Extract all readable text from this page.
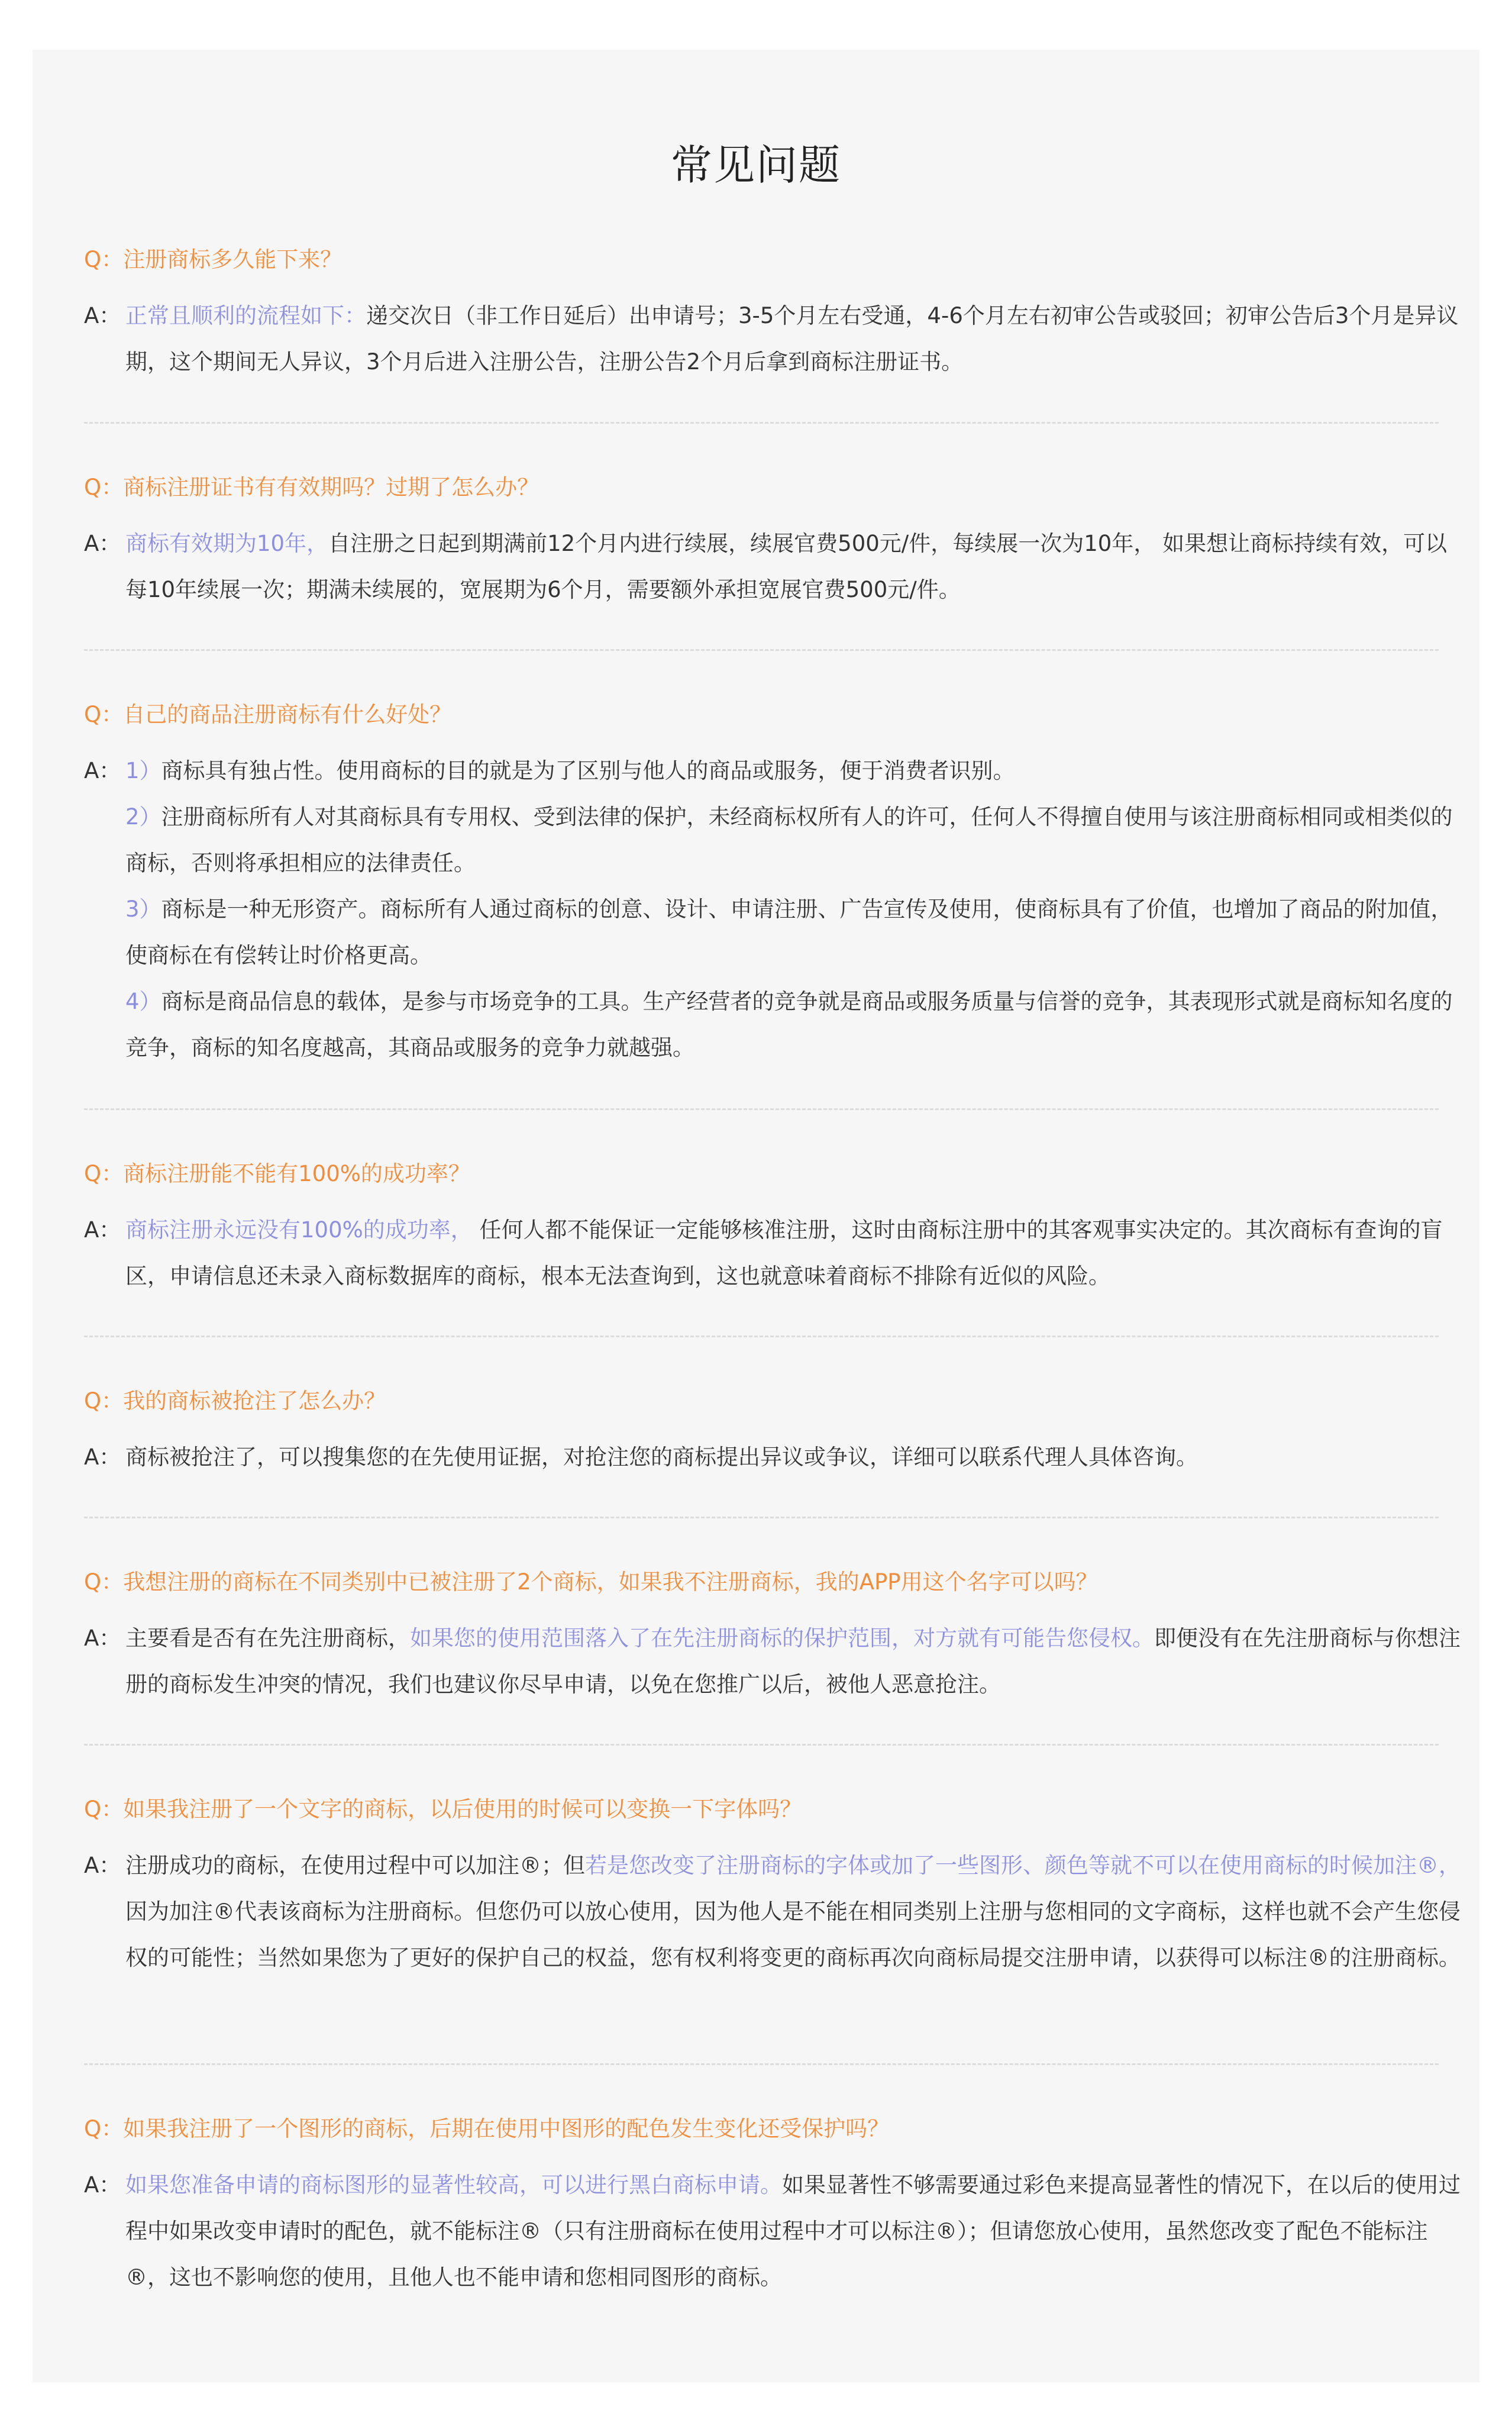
常见问题
Q：注册商标多久能下来？
A： 正常且顺利的流程如下：递交次日（非工作日延后）出申请号；3-5个月左右受通，4-6个月左右初审公告或驳回；初审公告后3个月是异议期，这个期间无人异议，3个月后进入注册公告，注册公告2个月后拿到商标注册证书。
Q：商标注册证书有有效期吗？过期了怎么办？
A： 商标有效期为10年，自注册之日起到期满前12个月内进行续展，续展官费500元/件，每续展一次为10年， 如果想让商标持续有效，可以每10年续展一次；期满未续展的，宽展期为6个月，需要额外承担宽展官费500元/件。
Q：自己的商品注册商标有什么好处？
A： 1）商标具有独占性。使用商标的目的就是为了区别与他人的商品或服务，便于消费者识别。
2）注册商标所有人对其商标具有专用权、受到法律的保护，未经商标权所有人的许可，任何人不得擅自使用与该注册商标相同或相类似的商标，否则将承担相应的法律责任。
3）商标是一种无形资产。商标所有人通过商标的创意、设计、申请注册、广告宣传及使用，使商标具有了价值，也增加了商品的附加值，使商标在有偿转让时价格更高。
4）商标是商品信息的载体，是参与市场竞争的工具。生产经营者的竞争就是商品或服务质量与信誉的竞争，其表现形式就是商标知名度的竞争，商标的知名度越高，其商品或服务的竞争力就越强。
Q：商标注册能不能有100%的成功率？
A： 商标注册永远没有100%的成功率， 任何人都不能保证一定能够核准注册，这时由商标注册中的其客观事实决定的。其次商标有查询的盲区，申请信息还未录入商标数据库的商标，根本无法查询到，这也就意味着商标不排除有近似的风险。
Q：我的商标被抢注了怎么办？
A： 商标被抢注了，可以搜集您的在先使用证据，对抢注您的商标提出异议或争议，详细可以联系代理人具体咨询。
Q：我想注册的商标在不同类别中已被注册了2个商标，如果我不注册商标，我的APP用这个名字可以吗？
A： 主要看是否有在先注册商标，如果您的使用范围落入了在先注册商标的保护范围，对方就有可能告您侵权。即便没有在先注册商标与你想注册的商标发生冲突的情况，我们也建议你尽早申请，以免在您推广以后，被他人恶意抢注。
Q：如果我注册了一个文字的商标，以后使用的时候可以变换一下字体吗？
A： 注册成功的商标，在使用过程中可以加注®；但若是您改变了注册商标的字体或加了一些图形、颜色等就不可以在使用商标的时候加注®，因为加注®代表该商标为注册商标。但您仍可以放心使用，因为他人是不能在相同类别上注册与您相同的文字商标，这样也就不会产生您侵权的可能性；当然如果您为了更好的保护自己的权益，您有权利将变更的商标再次向商标局提交注册申请，以获得可以标注®的注册商标。
Q：如果我注册了一个图形的商标，后期在使用中图形的配色发生变化还受保护吗？
A： 如果您准备申请的商标图形的显著性较高，可以进行黑白商标申请。如果显著性不够需要通过彩色来提高显著性的情况下，在以后的使用过程中如果改变申请时的配色，就不能标注®（只有注册商标在使用过程中才可以标注®）；但请您放心使用，虽然您改变了配色不能标注®，这也不影响您的使用，且他人也不能申请和您相同图形的商标。
